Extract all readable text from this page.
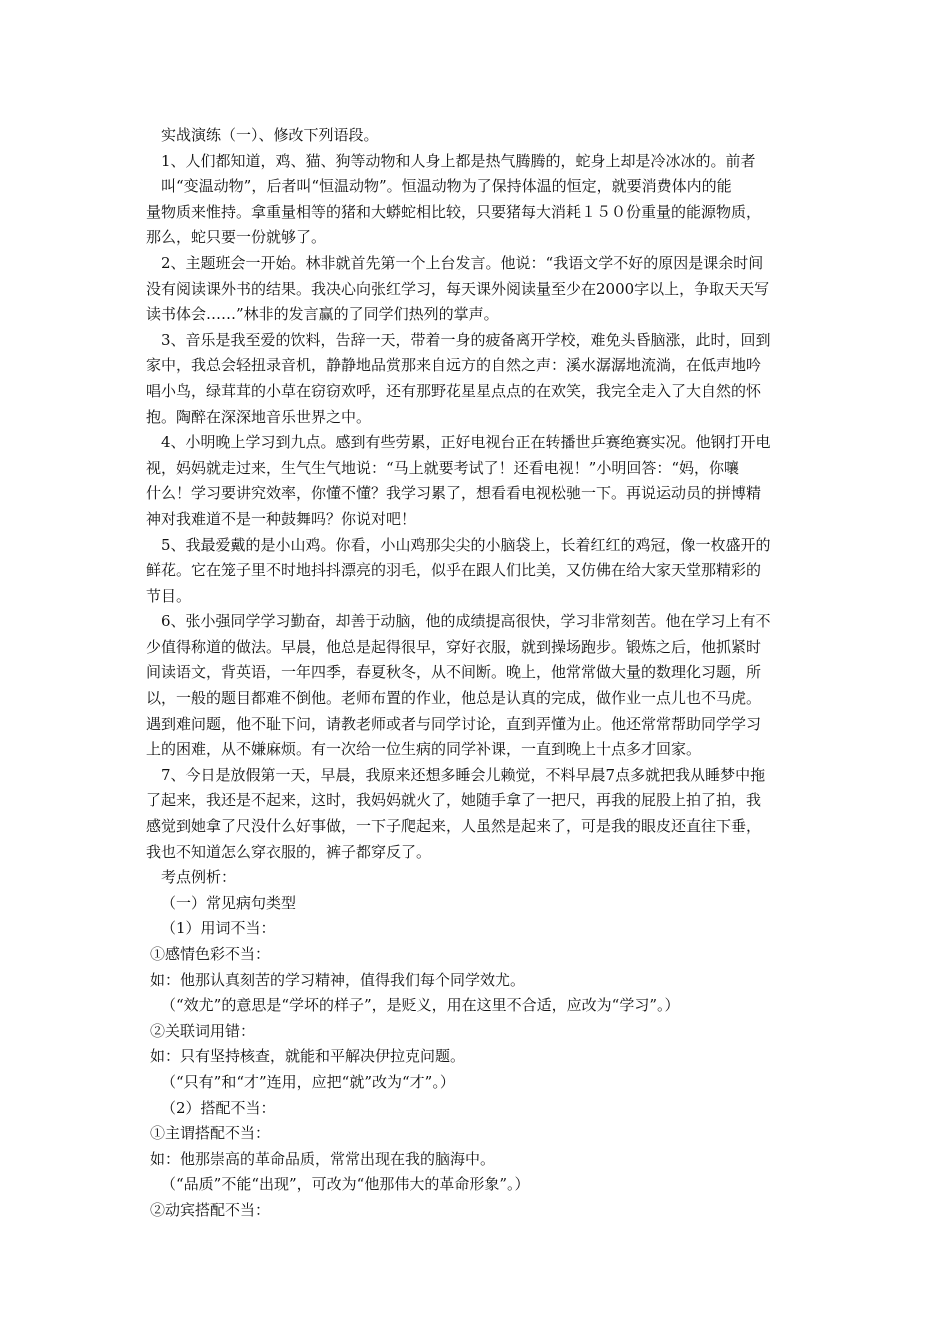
实战演练（一）、修改下列语段。
1、人们都知道，鸡、猫、狗等动物和人身上都是热气腾腾的，蛇身上却是冷冰冰的。前者
叫“变温动物”，后者叫“恒温动物”。恒温动物为了保持体温的恒定，就要消费体内的能
量物质来惟持。拿重量相等的猪和大蟒蛇相比较，只要猪每大消耗１５０份重量的能源物质，
那么，蛇只要一份就够了。
2、主题班会一开始。林非就首先第一个上台发言。他说：“我语文学不好的原因是课余时间
没有阅读课外书的结果。我决心向张红学习，每天课外阅读量至少在2000字以上，争取天天写
读书体会……”林非的发言赢的了同学们热列的掌声。
3、音乐是我至爱的饮料，告辞一天，带着一身的疲备离开学校，难免头昏脑涨，此时，回到
家中，我总会轻扭录音机，静静地品赏那来自远方的自然之声：溪水潺潺地流淌，在低声地吟
唱小鸟，绿茸茸的小草在窃窃欢呼，还有那野花星星点点的在欢笑，我完全走入了大自然的怀
抱。陶醉在深深地音乐世界之中。
4、小明晚上学习到九点。感到有些劳累，正好电视台正在转播世乒赛绝赛实况。他钢打开电
视，妈妈就走过来，生气生气地说：“马上就要考试了！还看电视！”小明回答：“妈，你嚷
什么！学习要讲究效率，你懂不懂？我学习累了，想看看电视松驰一下。再说运动员的拼博精
神对我难道不是一种鼓舞吗？你说对吧！
5、我最爱戴的是小山鸡。你看，小山鸡那尖尖的小脑袋上，长着红红的鸡冠，像一枚盛开的
鲜花。它在笼子里不时地抖抖漂亮的羽毛，似乎在跟人们比美，又仿佛在给大家天堂那精彩的
节目。
6、张小强同学学习勤奋，却善于动脑，他的成绩提高很快，学习非常刻苦。他在学习上有不
少值得称道的做法。早晨，他总是起得很早，穿好衣服，就到操场跑步。锻炼之后，他抓紧时
间读语文，背英语，一年四季，春夏秋冬，从不间断。晚上，他常常做大量的数理化习题，所
以，一般的题目都难不倒他。老师布置的作业，他总是认真的完成，做作业一点儿也不马虎。
遇到难问题，他不耻下问，请教老师或者与同学讨论，直到弄懂为止。他还常常帮助同学学习
上的困难，从不嫌麻烦。有一次给一位生病的同学补课，一直到晚上十点多才回家。
7、今日是放假第一天，早晨，我原来还想多睡会儿赖觉，不料早晨7点多就把我从睡梦中拖
了起来，我还是不起来，这时，我妈妈就火了，她随手拿了一把尺，再我的屁股上拍了拍，我
感觉到她拿了尺没什么好事做，一下子爬起来，人虽然是起来了，可是我的眼皮还直往下垂，
我也不知道怎么穿衣服的，裤子都穿反了。
考点例析：
（一）常见病句类型
（1）用词不当：
①感情色彩不当：
如：他那认真刻苦的学习精神，值得我们每个同学效尤。
（“效尤”的意思是“学坏的样子”，是贬义，用在这里不合适，应改为“学习”。）
②关联词用错：
如：只有坚持核查，就能和平解决伊拉克问题。
（“只有”和“才”连用，应把“就”改为“才”。）
（2）搭配不当：
①主谓搭配不当：
如：他那崇高的革命品质，常常出现在我的脑海中。
（“品质”不能“出现”，可改为“他那伟大的革命形象”。）
②动宾搭配不当：
